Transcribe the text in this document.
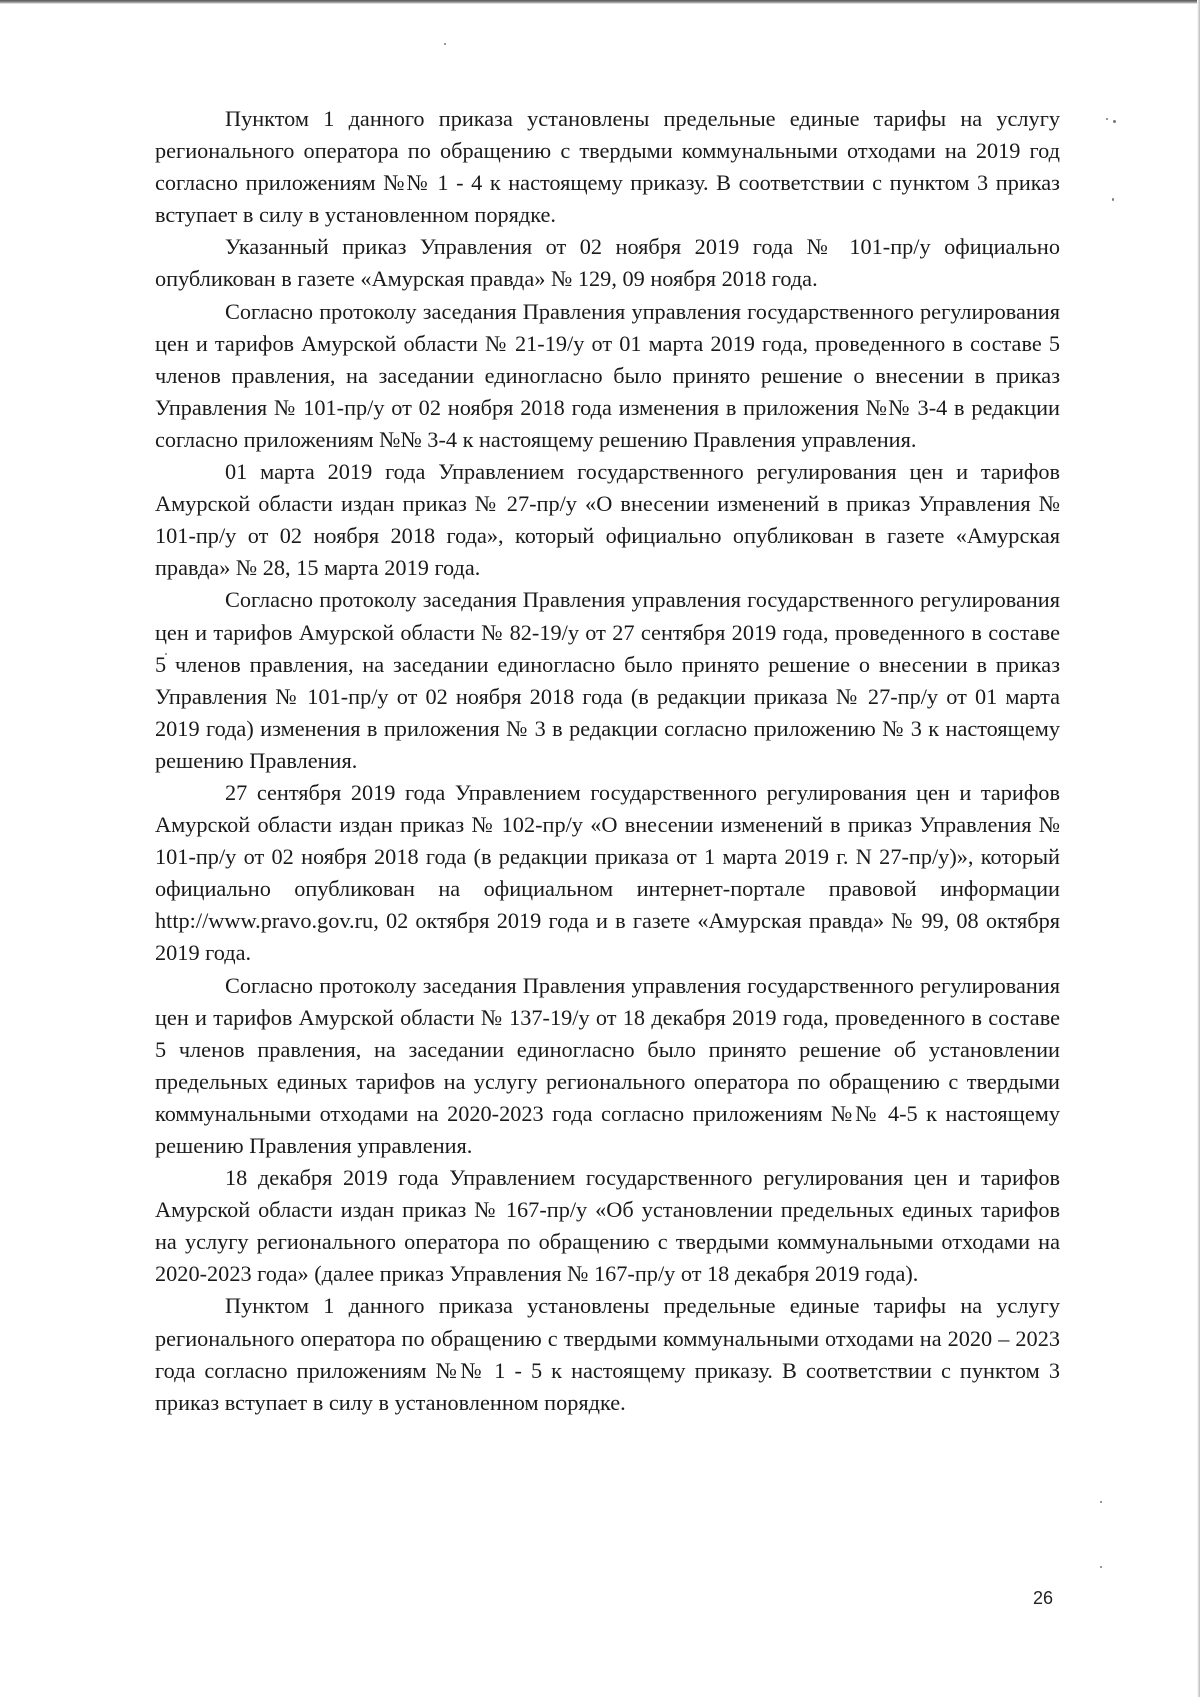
Пунктом 1 данного приказа установлены предельные единые тарифы на услугу регионального оператора по обращению с твердыми коммунальными отходами на 2019 год согласно приложениям №№ 1 - 4 к настоящему приказу. В соответствии с пунктом 3 приказ вступает в силу в установленном порядке.

Указанный приказ Управления от 02 ноября 2019 года № 101-пр/у официально опубликован в газете «Амурская правда» № 129, 09 ноября 2018 года.

Согласно протоколу заседания Правления управления государственного регулирования цен и тарифов Амурской области № 21-19/у от 01 марта 2019 года, проведенного в составе 5 членов правления, на заседании единогласно было принято решение о внесении в приказ Управления № 101-пр/у от 02 ноября 2018 года изменения в приложения №№ 3-4 в редакции согласно приложениям №№ 3-4 к настоящему решению Правления управления.

01 марта 2019 года Управлением государственного регулирования цен и тарифов Амурской области издан приказ № 27-пр/у «О внесении изменений в приказ Управления № 101-пр/у от 02 ноября 2018 года», который официально опубликован в газете «Амурская правда» № 28, 15 марта 2019 года.

Согласно протоколу заседания Правления управления государственного регулирования цен и тарифов Амурской области № 82-19/у от 27 сентября 2019 года, проведенного в составе 5 членов правления, на заседании единогласно было принято решение о внесении в приказ Управления № 101-пр/у от 02 ноября 2018 года (в редакции приказа № 27-пр/у от 01 марта 2019 года) изменения в приложения № 3 в редакции согласно приложению № 3 к настоящему решению Правления.

27 сентября 2019 года Управлением государственного регулирования цен и тарифов Амурской области издан приказ № 102-пр/у «О внесении изменений в приказ Управления № 101-пр/у от 02 ноября 2018 года (в редакции приказа от 1 марта 2019 г. N 27-пр/у)», который официально опубликован на официальном интернет-портале правовой информации http://www.pravo.gov.ru, 02 октября 2019 года и в газете «Амурская правда» № 99, 08 октября 2019 года.

Согласно протоколу заседания Правления управления государственного регулирования цен и тарифов Амурской области № 137-19/у от 18 декабря 2019 года, проведенного в составе 5 членов правления, на заседании единогласно было принято решение об установлении предельных единых тарифов на услугу регионального оператора по обращению с твердыми коммунальными отходами на 2020-2023 года согласно приложениям №№ 4-5 к настоящему решению Правления управления.

18 декабря 2019 года Управлением государственного регулирования цен и тарифов Амурской области издан приказ № 167-пр/у «Об установлении предельных единых тарифов на услугу регионального оператора по обращению с твердыми коммунальными отходами на 2020-2023 года» (далее приказ Управления № 167-пр/у от 18 декабря 2019 года).

Пунктом 1 данного приказа установлены предельные единые тарифы на услугу регионального оператора по обращению с твердыми коммунальными отходами на 2020 – 2023 года согласно приложениям №№ 1 - 5 к настоящему приказу. В соответствии с пунктом 3 приказ вступает в силу в установленном порядке.

26
